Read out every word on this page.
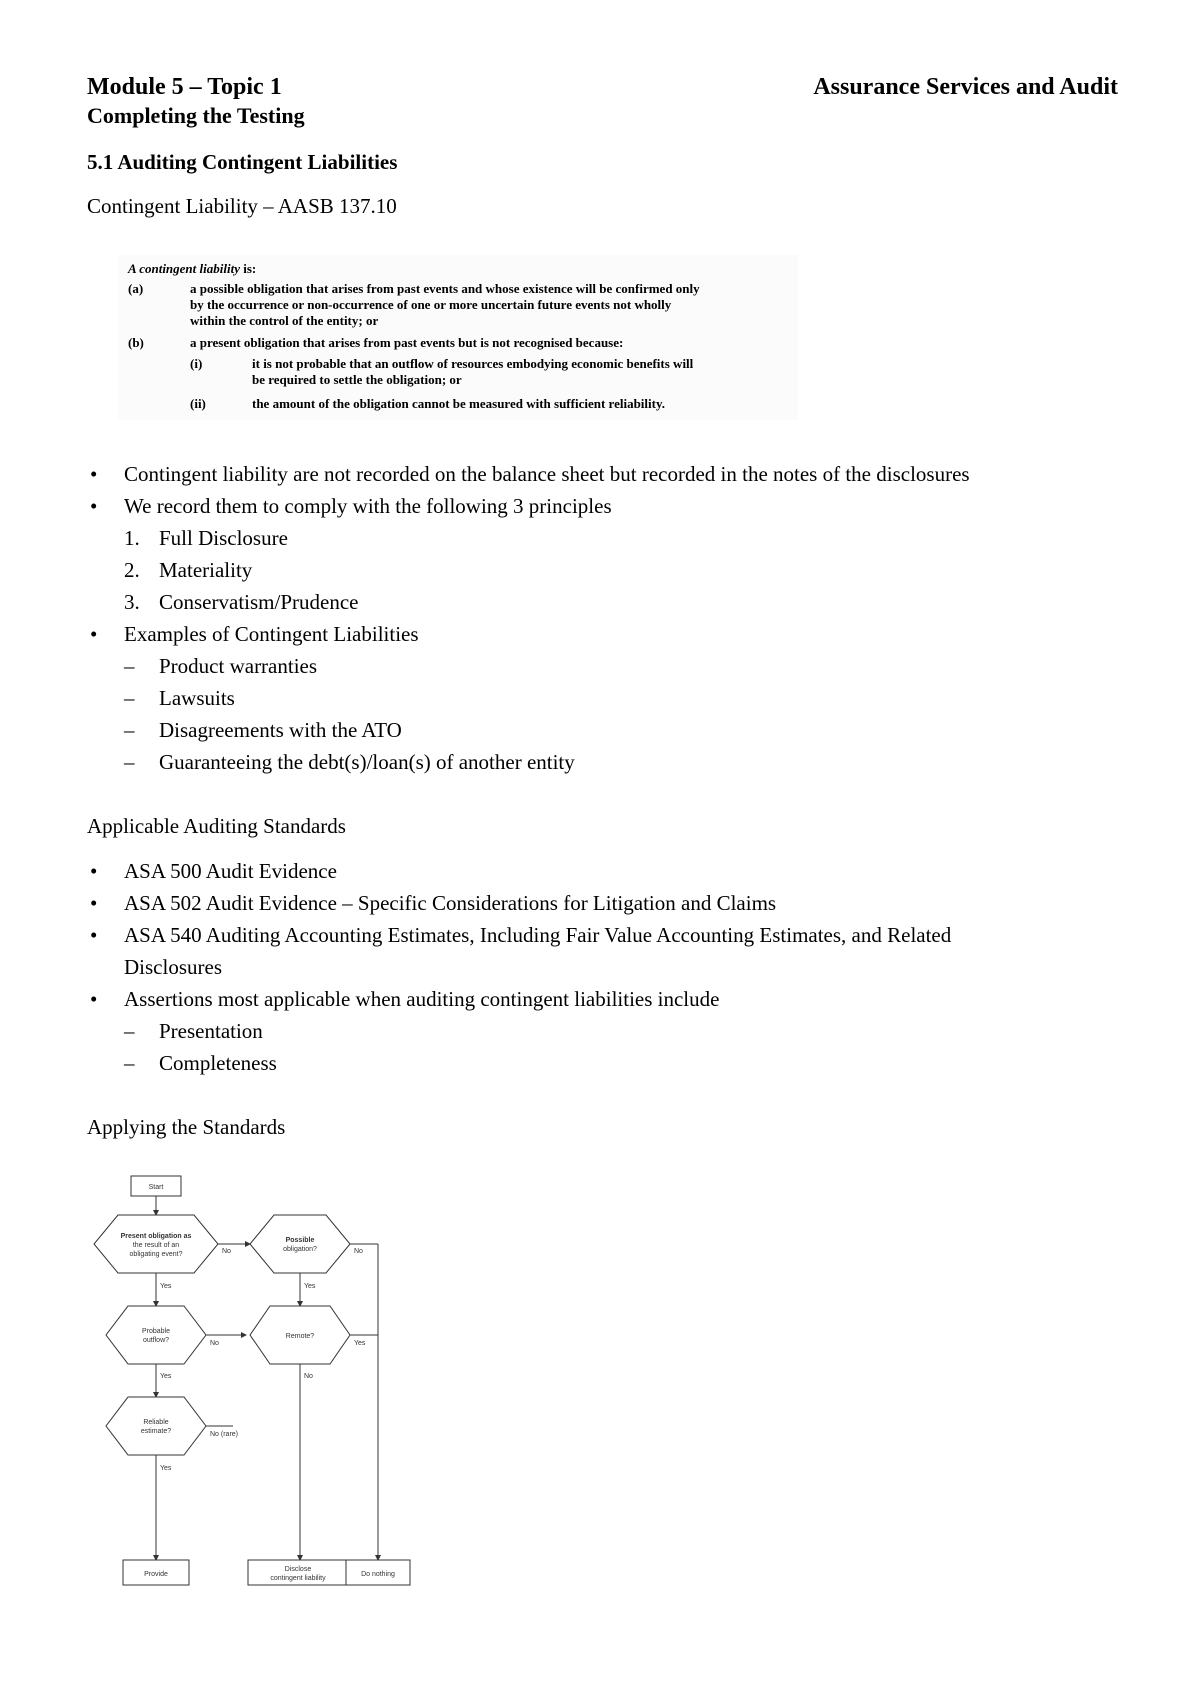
Module 5 – Topic 1	Assurance Services and Audit
Completing the Testing
5.1 Auditing Contingent Liabilities
Contingent Liability – AASB 137.10
A contingent liability is:
(a)	a possible obligation that arises from past events and whose existence will be confirmed only
by the occurrence or non-occurrence of one or more uncertain future events not wholly
within the control of the entity; or
(b)	a present obligation that arises from past events but is not recognised because:
(i)	it is not probable that an outflow of resources embodying economic benefits will
be required to settle the obligation; or
(ii)	the amount of the obligation cannot be measured with sufficient reliability.
• Contingent liability are not recorded on the balance sheet but recorded in the notes of the disclosures
• We record them to comply with the following 3 principles
1. Full Disclosure
2. Materiality
3. Conservatism/Prudence
• Examples of Contingent Liabilities
– Product warranties
– Lawsuits
– Disagreements with the ATO
– Guaranteeing the debt(s)/loan(s) of another entity
Applicable Auditing Standards
• ASA 500 Audit Evidence
• ASA 502 Audit Evidence – Specific Considerations for Litigation and Claims
• ASA 540 Auditing Accounting Estimates, Including Fair Value Accounting Estimates, and Related
Disclosures
• Assertions most applicable when auditing contingent liabilities include
– Presentation
– Completeness
Applying the Standards
Start
Present obligation as
the result of an
obligating event?
Possible
obligation?
Probable
outflow?
Remote?
Reliable
estimate?
No	No
Yes	Yes
No	Yes
No
Yes
No (rare)
Yes
Provide
Disclose
contingent liability
Do nothing
